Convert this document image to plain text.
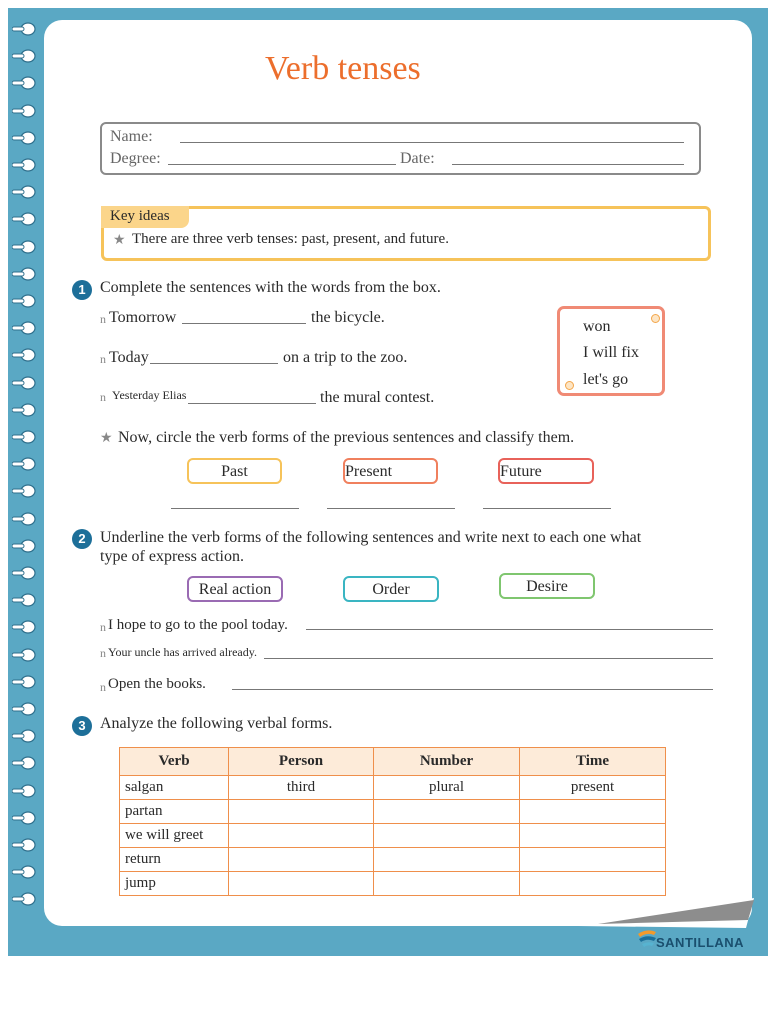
Verb tenses
Name:
Degree:	Date:
Key ideas
★ There are three verb tenses: past, present, and future.
1 Complete the sentences with the words from the box.
n Tomorrow	the bicycle.
n Today	on a trip to the zoo.
n Yesterday Elias	the mural contest.
won
I will fix
let's go
★ Now, circle the verb forms of the previous sentences and classify them.
Past	Present	Future
2 Underline the verb forms of the following sentences and write next to each one what
type of express action.
Real action	Order	Desire
n I hope to go to the pool today.
n Your uncle has arrived already.
n Open the books.
3 Analyze the following verbal forms.
Verb	Person	Number	Time
salgan	third	plural	present
partan			
we will greet			
return			
jump			
SANTILLANA
